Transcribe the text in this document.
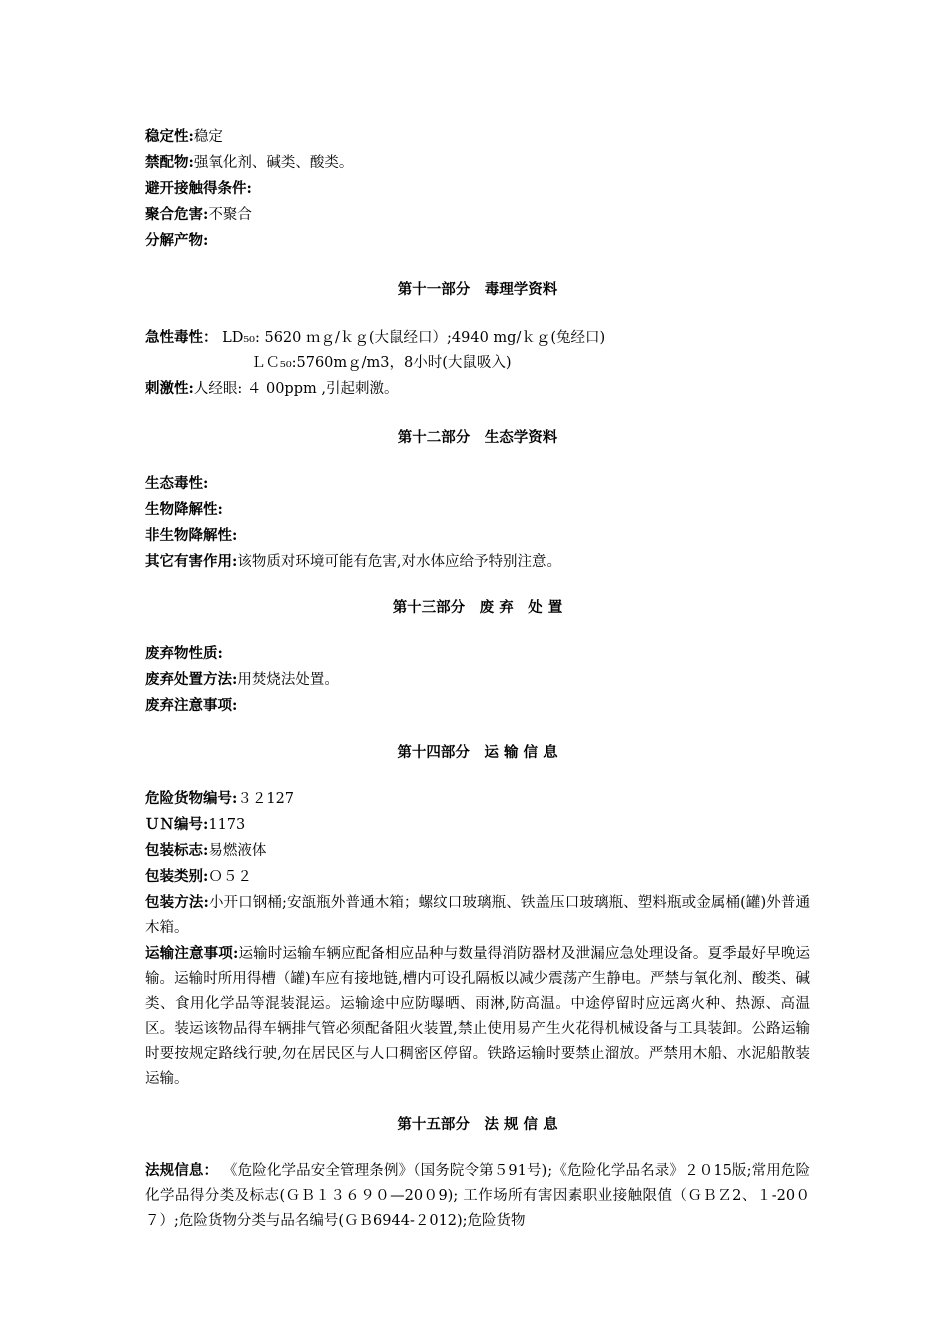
稳定性:稳定
禁配物:强氧化剂、碱类、酸类。
避开接触得条件:
聚合危害:不聚合
分解产物:
第十一部分　毒理学资料
急性毒性： LD₅₀: 5620 ｍｇ/ｋｇ(大鼠经口）;4940 mg/ｋｇ(兔经口)
ＬＣ₅₀:5760mｇ/m3，8小时(大鼠吸入)
刺激性:人经眼: ４ 00ppm ,引起刺激。
第十二部分　生态学资料
生态毒性:
生物降解性:
非生物降解性:
其它有害作用:该物质对环境可能有危害,对水体应给予特别注意。
第十三部分　废 弃　处 置
废弃物性质:
废弃处置方法:用焚烧法处置。
废弃注意事项:
第十四部分　运 输 信 息
危险货物编号:３２127
ＵＮ编号:1173
包装标志:易燃液体
包装类别:Ｏ５２
包装方法:小开口钢桶;安瓿瓶外普通木箱；螺纹口玻璃瓶、铁盖压口玻璃瓶、塑料瓶或金属桶(罐)外普通木箱。
运输注意事项:运输时运输车辆应配备相应品种与数量得消防器材及泄漏应急处理设备。夏季最好早晚运输。运输时所用得槽（罐)车应有接地链,槽内可设孔隔板以减少震荡产生静电。严禁与氧化剂、酸类、碱类、食用化学品等混装混运。运输途中应防曝晒、雨淋,防高温。中途停留时应远离火种、热源、高温区。装运该物品得车辆排气管必须配备阻火装置,禁止使用易产生火花得机械设备与工具装卸。公路运输时要按规定路线行驶,勿在居民区与人口稠密区停留。铁路运输时要禁止溜放。严禁用木船、水泥船散装运输。
第十五部分　法 规 信 息
法规信息： 《危险化学品安全管理条例》（国务院令第５91号);《危险化学品名录》２０15版;常用危险化学品得分类及标志(ＧＢ１３６９０—20０9); 工作场所有害因素职业接触限值（ＧＢＺ2、１-20０７）;危险货物分类与品名编号(ＧＢ6944-２012);危险货物
